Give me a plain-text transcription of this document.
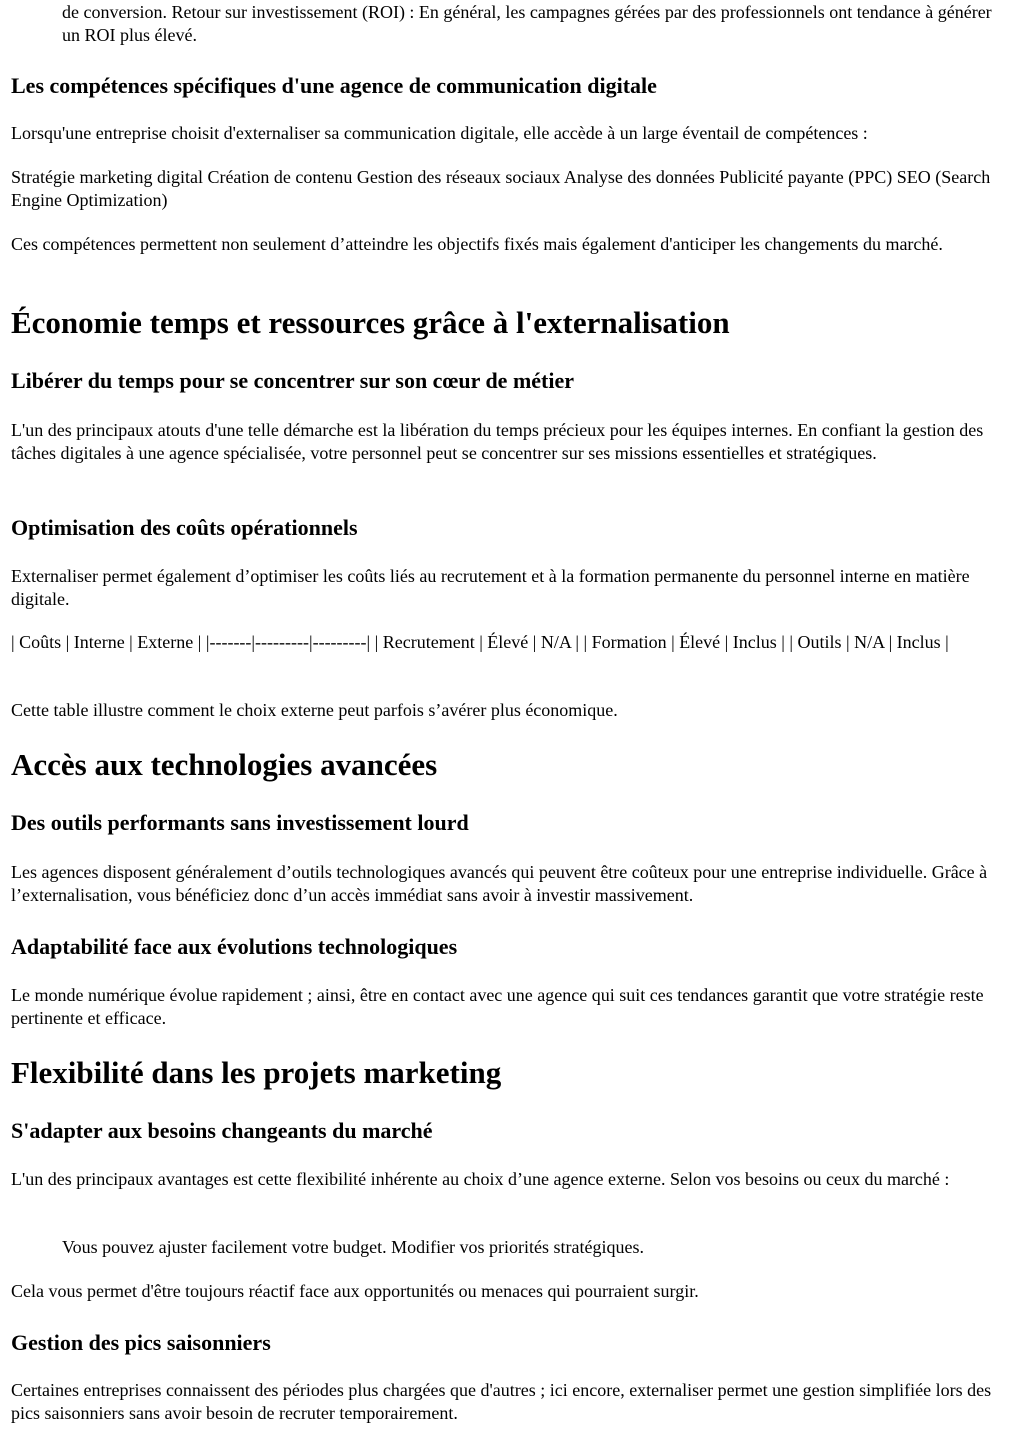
de conversion. Retour sur investissement (ROI) : En général, les campagnes gérées par des professionnels ont tendance à générer un ROI plus élevé.

Les compétences spécifiques d'une agence de communication digitale

Lorsqu'une entreprise choisit d'externaliser sa communication digitale, elle accède à un large éventail de compétences :

Stratégie marketing digital Création de contenu Gestion des réseaux sociaux Analyse des données Publicité payante (PPC) SEO (Search Engine Optimization)

Ces compétences permettent non seulement d’atteindre les objectifs fixés mais également d'anticiper les changements du marché.

Économie temps et ressources grâce à l'externalisation
Libérer du temps pour se concentrer sur son cœur de métier

L'un des principaux atouts d'une telle démarche est la libération du temps précieux pour les équipes internes. En confiant la gestion des tâches digitales à une agence spécialisée, votre personnel peut se concentrer sur ses missions essentielles et stratégiques.

Optimisation des coûts opérationnels

Externaliser permet également d’optimiser les coûts liés au recrutement et à la formation permanente du personnel interne en matière digitale.

| Coûts | Interne | Externe | |-------|---------|---------| | Recrutement | Élevé | N/A | | Formation | Élevé | Inclus | | Outils | N/A | Inclus |

Cette table illustre comment le choix externe peut parfois s’avérer plus économique.

Accès aux technologies avancées
Des outils performants sans investissement lourd

Les agences disposent généralement d’outils technologiques avancés qui peuvent être coûteux pour une entreprise individuelle. Grâce à l’externalisation, vous bénéficiez donc d’un accès immédiat sans avoir à investir massivement.

Adaptabilité face aux évolutions technologiques

Le monde numérique évolue rapidement ; ainsi, être en contact avec une agence qui suit ces tendances garantit que votre stratégie reste pertinente et efficace.

Flexibilité dans les projets marketing
S'adapter aux besoins changeants du marché

L'un des principaux avantages est cette flexibilité inhérente au choix d’une agence externe. Selon vos besoins ou ceux du marché :

Vous pouvez ajuster facilement votre budget. Modifier vos priorités stratégiques.

Cela vous permet d'être toujours réactif face aux opportunités ou menaces qui pourraient surgir.

Gestion des pics saisonniers

Certaines entreprises connaissent des périodes plus chargées que d'autres ; ici encore, externaliser permet une gestion simplifiée lors des pics saisonniers sans avoir besoin de recruter temporairement.
